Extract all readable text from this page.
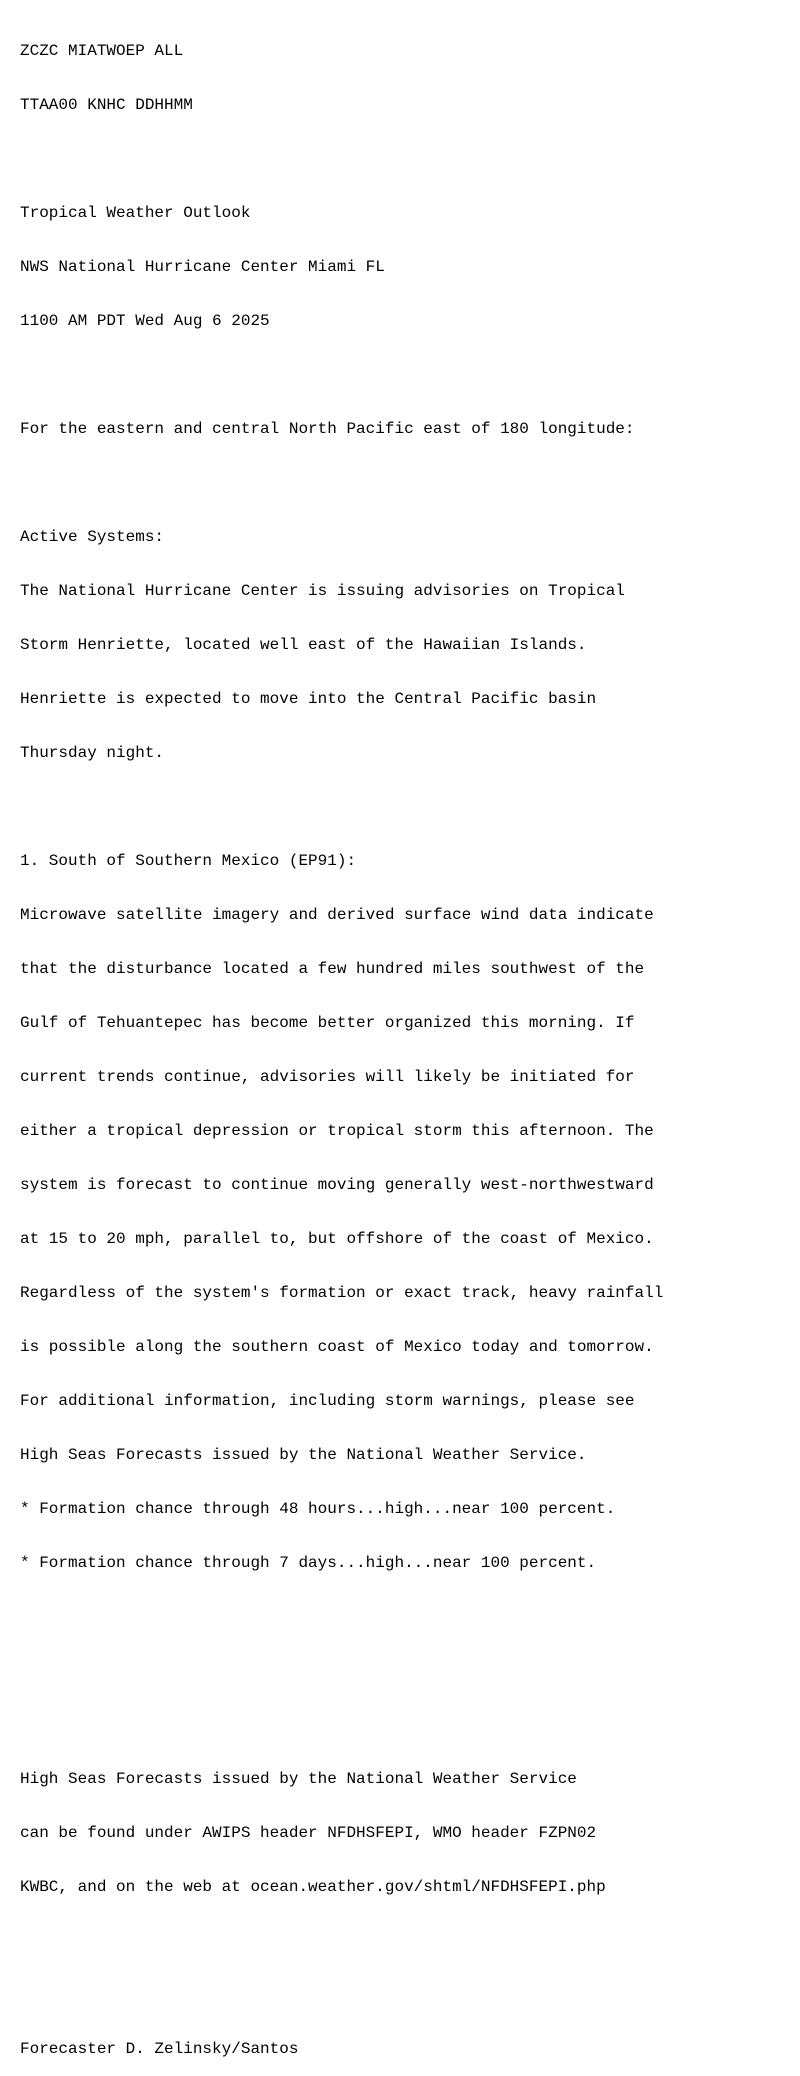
ZCZC MIATWOEP ALL

TTAA00 KNHC DDHHMM

Tropical Weather Outlook

NWS National Hurricane Center Miami FL

1100 AM PDT Wed Aug 6 2025

For the eastern and central North Pacific east of 180 longitude:

Active Systems:

The National Hurricane Center is issuing advisories on Tropical

Storm Henriette, located well east of the Hawaiian Islands.

Henriette is expected to move into the Central Pacific basin

Thursday night.

1. South of Southern Mexico (EP91):

Microwave satellite imagery and derived surface wind data indicate

that the disturbance located a few hundred miles southwest of the

Gulf of Tehuantepec has become better organized this morning. If

current trends continue, advisories will likely be initiated for

either a tropical depression or tropical storm this afternoon. The

system is forecast to continue moving generally west-northwestward

at 15 to 20 mph, parallel to, but offshore of the coast of Mexico.

Regardless of the system's formation or exact track, heavy rainfall

is possible along the southern coast of Mexico today and tomorrow.

For additional information, including storm warnings, please see

High Seas Forecasts issued by the National Weather Service.

* Formation chance through 48 hours...high...near 100 percent.

* Formation chance through 7 days...high...near 100 percent.

High Seas Forecasts issued by the National Weather Service

can be found under AWIPS header NFDHSFEPI, WMO header FZPN02

KWBC, and on the web at ocean.weather.gov/shtml/NFDHSFEPI.php

Forecaster D. Zelinsky/Santos
